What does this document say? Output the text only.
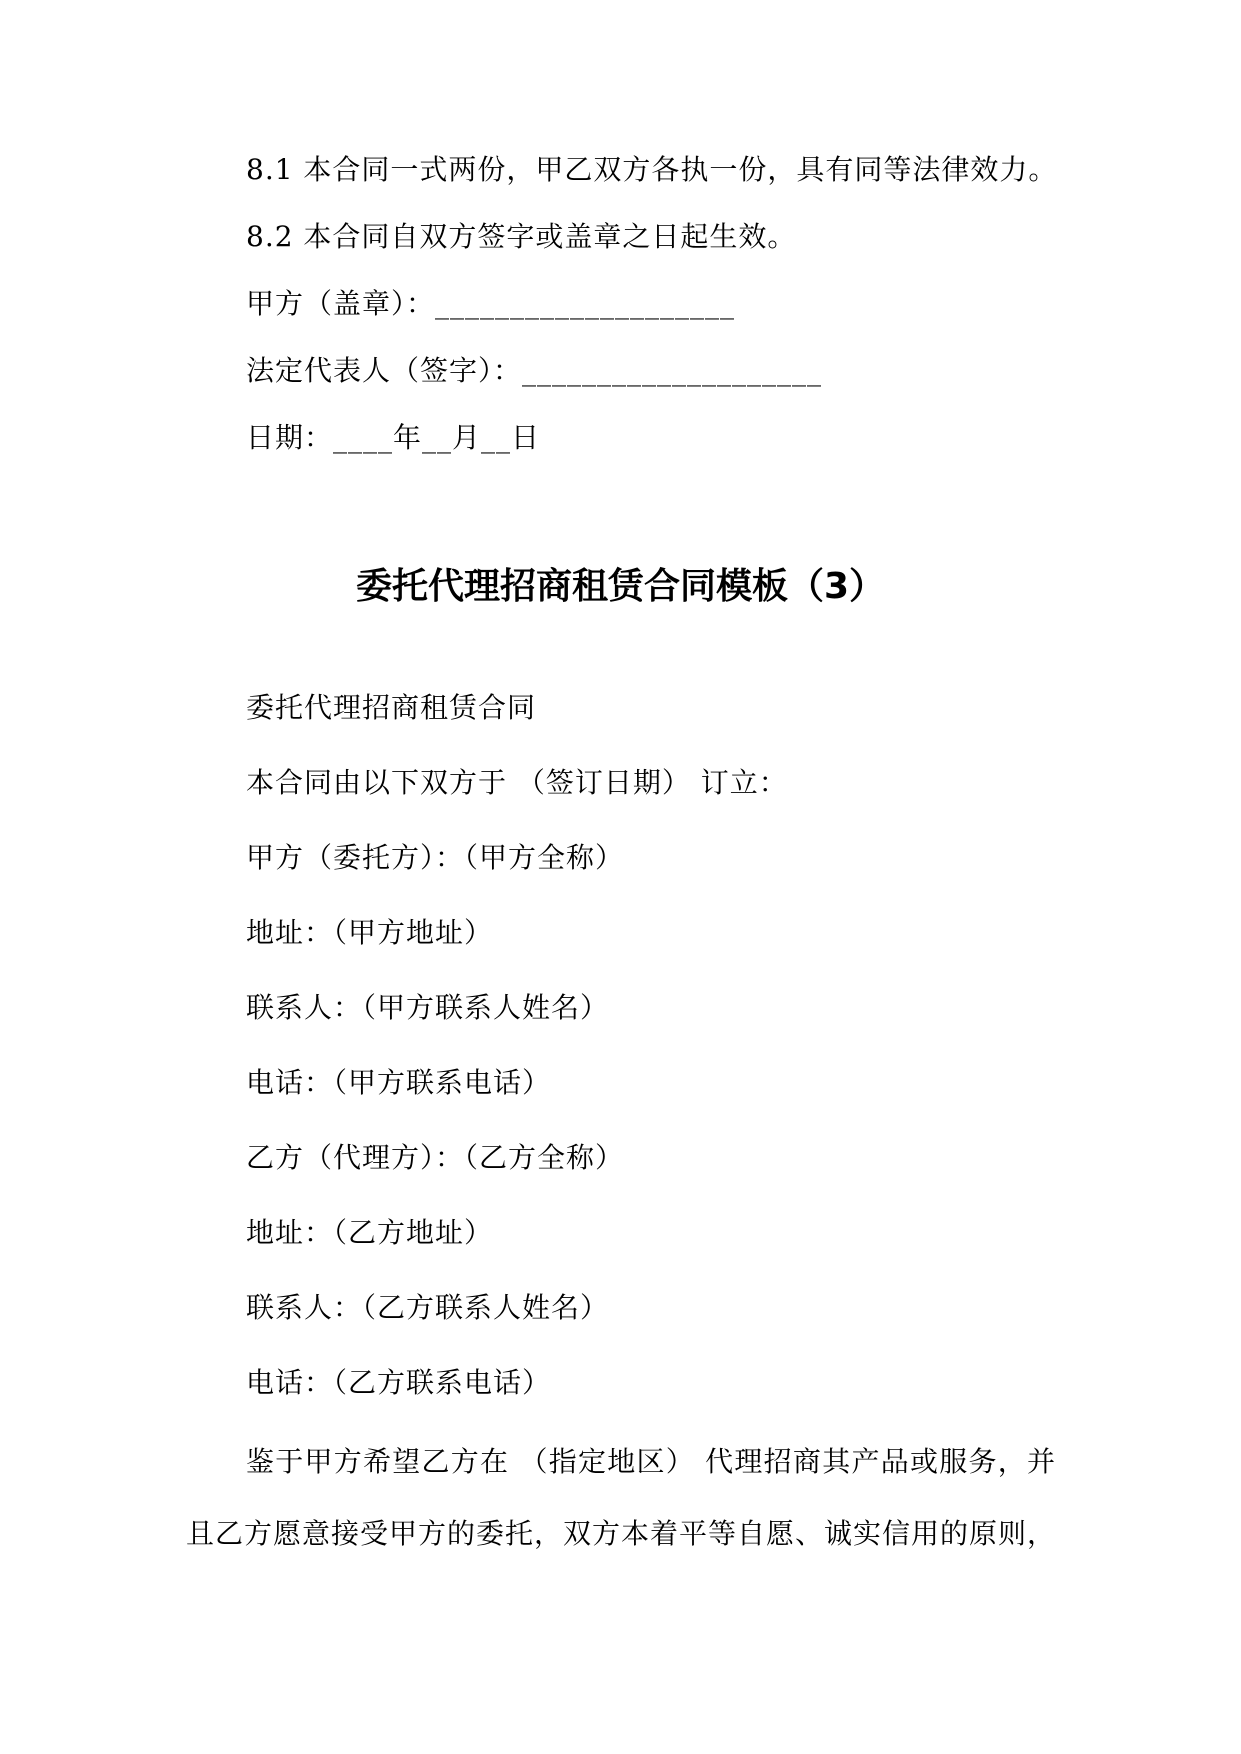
8.1 本合同一式两份，甲乙双方各执一份，具有同等法律效力。
8.2 本合同自双方签字或盖章之日起生效。
甲方（盖章）：____________________
法定代表人（签字）：____________________
日期：____年__月__日
委托代理招商租赁合同模板（3）
委托代理招商租赁合同
本合同由以下双方于 （签订日期） 订立：
甲方（委托方）：（甲方全称）
地址：（甲方地址）
联系人：（甲方联系人姓名）
电话：（甲方联系电话）
乙方（代理方）：（乙方全称）
地址：（乙方地址）
联系人：（乙方联系人姓名）
电话：（乙方联系电话）
鉴于甲方希望乙方在 （指定地区） 代理招商其产品或服务，并且乙方愿意接受甲方的委托，双方本着平等自愿、诚实信用的原则，
